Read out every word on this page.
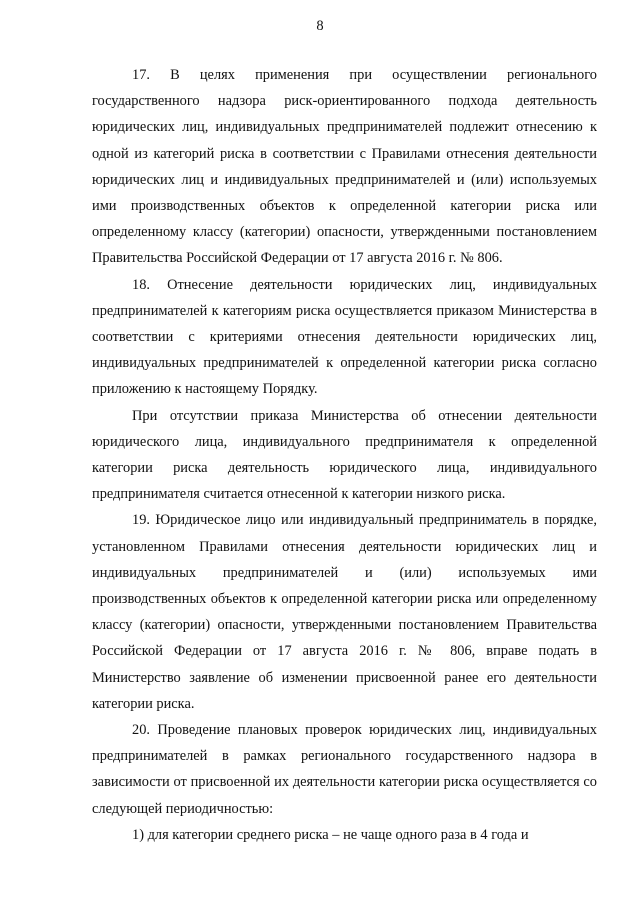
8

17. В целях применения при осуществлении регионального государственного надзора риск-ориентированного подхода деятельность юридических лиц, индивидуальных предпринимателей подлежит отнесению к одной из категорий риска в соответствии с Правилами отнесения деятельности юридических лиц и индивидуальных предпринимателей и (или) используемых ими производственных объектов к определенной категории риска или определенному классу (категории) опасности, утвержденными постановлением Правительства Российской Федерации от 17 августа 2016 г. № 806.

18. Отнесение деятельности юридических лиц, индивидуальных предпринимателей к категориям риска осуществляется приказом Министерства в соответствии с критериями отнесения деятельности юридических лиц, индивидуальных предпринимателей к определенной категории риска согласно приложению к настоящему Порядку.

При отсутствии приказа Министерства об отнесении деятельности юридического лица, индивидуального предпринимателя к определенной категории риска деятельность юридического лица, индивидуального предпринимателя считается отнесенной к категории низкого риска.

19. Юридическое лицо или индивидуальный предприниматель в порядке, установленном Правилами отнесения деятельности юридических лиц и индивидуальных предпринимателей и (или) используемых ими производственных объектов к определенной категории риска или определенному классу (категории) опасности, утвержденными постановлением Правительства Российской Федерации от 17 августа 2016 г. № 806, вправе подать в Министерство заявление об изменении присвоенной ранее его деятельности категории риска.

20. Проведение плановых проверок юридических лиц, индивидуальных предпринимателей в рамках регионального государственного надзора в зависимости от присвоенной их деятельности категории риска осуществляется со следующей периодичностью:

1) для категории среднего риска – не чаще одного раза в 4 года и
